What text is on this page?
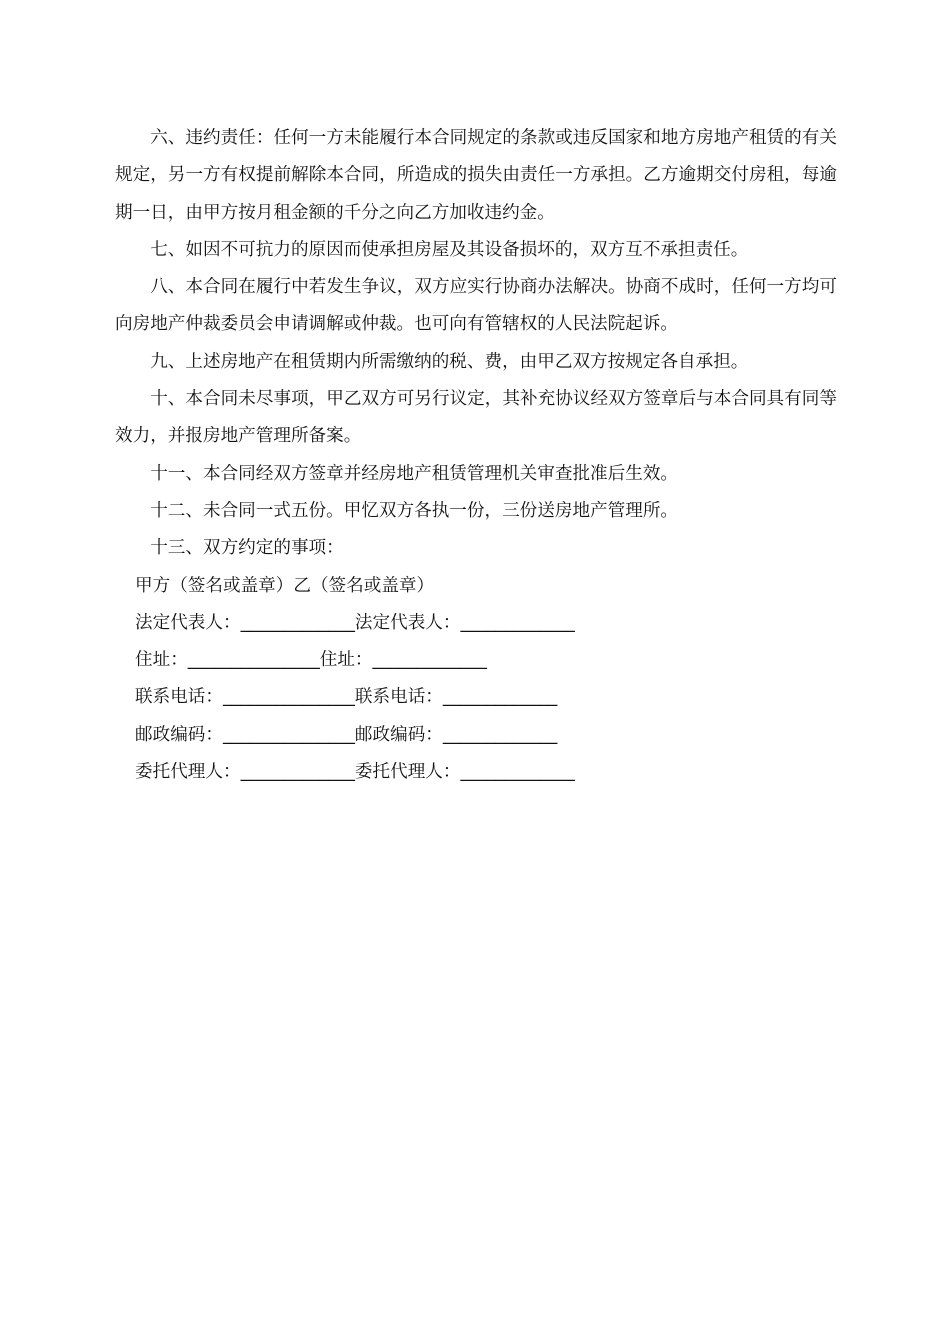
六、违约责任：任何一方未能履行本合同规定的条款或违反国家和地方房地产租赁的有关规定，另一方有权提前解除本合同，所造成的损失由责任一方承担。乙方逾期交付房租，每逾期一日，由甲方按月租金额的千分之向乙方加收违约金。

七、如因不可抗力的原因而使承担房屋及其设备损坏的，双方互不承担责任。

八、本合同在履行中若发生争议，双方应实行协商办法解决。协商不成时，任何一方均可向房地产仲裁委员会申请调解或仲裁。也可向有管辖权的人民法院起诉。

九、上述房地产在租赁期内所需缴纳的税、费，由甲乙双方按规定各自承担。

十、本合同未尽事项，甲乙双方可另行议定，其补充协议经双方签章后与本合同具有同等效力，并报房地产管理所备案。

十一、本合同经双方签章并经房地产租赁管理机关审查批准后生效。

十二、未合同一式五份。甲忆双方各执一份，三份送房地产管理所。

十三、双方约定的事项：

甲方（签名或盖章）乙（签名或盖章）

法定代表人：_____________法定代表人：_____________

住址：_______________住址：_____________

联系电话：_______________联系电话：_____________

邮政编码：_______________邮政编码：_____________

委托代理人：_____________委托代理人：_____________
